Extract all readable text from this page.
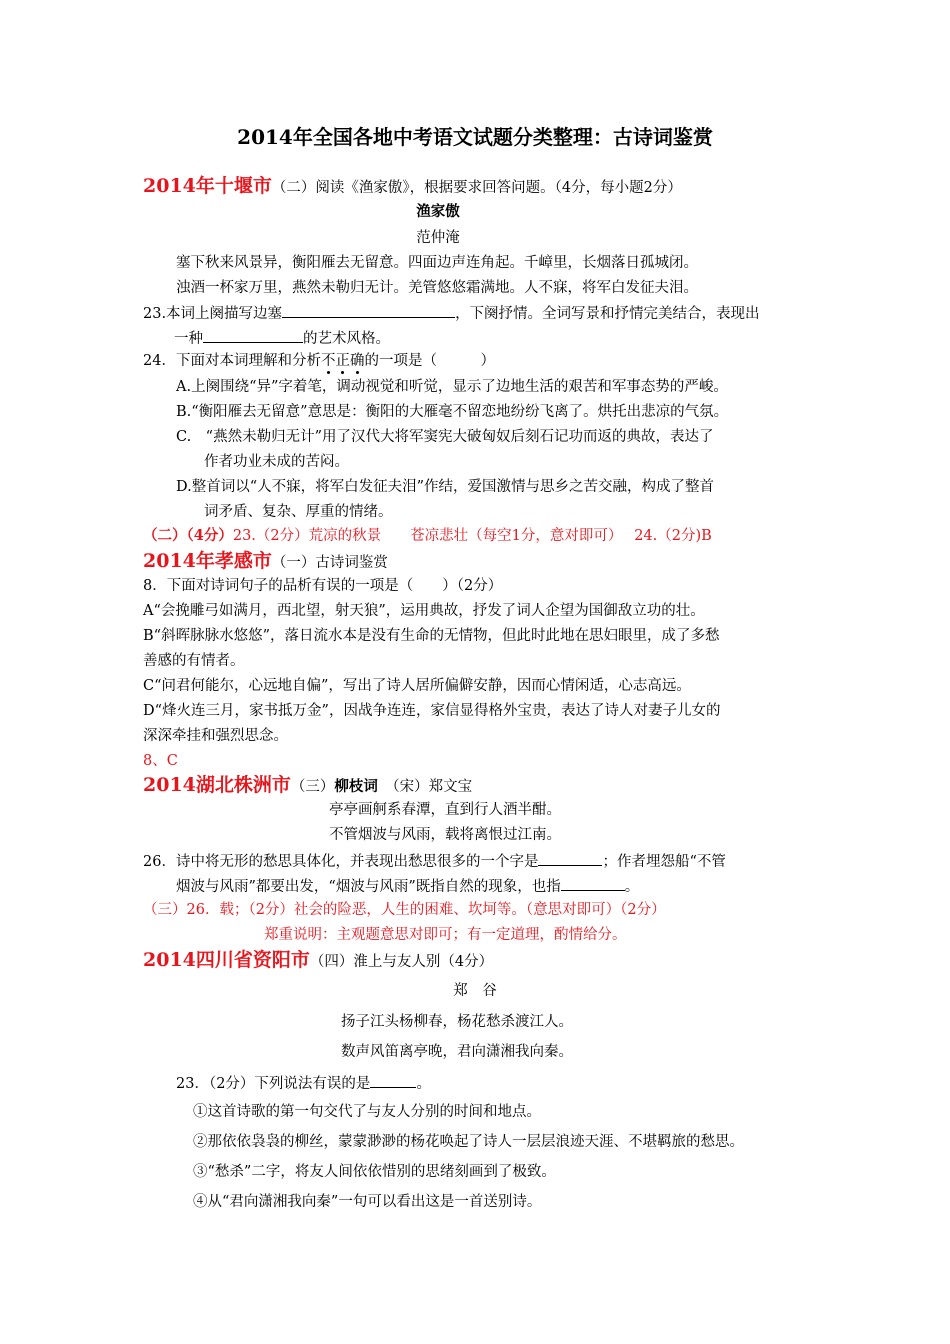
2014年全国各地中考语文试题分类整理：古诗词鉴赏
2014年十堰市（二）阅读《渔家傲》，根据要求回答问题。（4分，每小题2分）
渔家傲
范仲淹
塞下秋来风景异，衡阳雁去无留意。四面边声连角起。千嶂里，长烟落日孤城闭。
浊酒一杯家万里，燕然未勒归无计。羌管悠悠霜满地。人不寐，将军白发征夫泪。
23.本词上阕描写边塞	，下阕抒情。全词写景和抒情完美结合，表现出
一种	的艺术风格。
24．下面对本词理解和分析不正确的一项是（　　　）
A.上阕围绕“异”字着笔，调动视觉和听觉，显示了边地生活的艰苦和军事态势的严峻。
B.“衡阳雁去无留意”意思是：衡阳的大雁毫不留恋地纷纷飞离了。烘托出悲凉的气氛。
C.　“燕然未勒归无计”用了汉代大将军窦宪大破匈奴后刻石记功而返的典故，表达了
作者功业未成的苦闷。
D.整首词以“人不寐，将军白发征夫泪”作结，爱国激情与思乡之苦交融，构成了整首
词矛盾、复杂、厚重的情绪。
（二）（4分）23.（2分）荒凉的秋景　　苍凉悲壮（每空1分，意对即可）　 24.（2分)B
2014年孝感市（一）古诗词鉴赏
8．下面对诗词句子的品析有误的一项是（　　）（2分）
A“会挽雕弓如满月，西北望，射天狼”，运用典故，抒发了词人企望为国御敌立功的壮。
B“斜晖脉脉水悠悠”，落日流水本是没有生命的无情物，但此时此地在思妇眼里，成了多愁
善感的有情者。
C“问君何能尔，心远地自偏”，写出了诗人居所偏僻安静，因而心情闲适，心志高远。
D“烽火连三月，家书抵万金”，因战争连连，家信显得格外宝贵，表达了诗人对妻子儿女的
深深牵挂和强烈思念。
8、C
2014湖北株洲市（三）柳枝词　 （宋）郑文宝
亭亭画舸系春潭，直到行人酒半酣。
不管烟波与风雨，载将离恨过江南。
26．诗中将无形的愁思具体化，并表现出愁思很多的一个字是	；作者埋怨船“不管
烟波与风雨”都要出发，“烟波与风雨”既指自然的现象，也指	。
（三）26．载；（2分）社会的险恶，人生的困难、坎坷等。（意思对即可）（2分）
郑重说明：主观题意思对即可；有一定道理，酌情给分。
2014四川省资阳市（四）淮上与友人别（4分）
郑　谷
扬子江头杨柳春，杨花愁杀渡江人。
数声风笛离亭晚，君向潇湘我向秦。
23．（2分）下列说法有误的是	。
①这首诗歌的第一句交代了与友人分别的时间和地点。
②那依依袅袅的柳丝，蒙蒙渺渺的杨花唤起了诗人一层层浪迹天涯、不堪羁旅的愁思。
③“愁杀”二字，将友人间依依惜别的思绪刻画到了极致。
④从“君向潇湘我向秦”一句可以看出这是一首送别诗。
